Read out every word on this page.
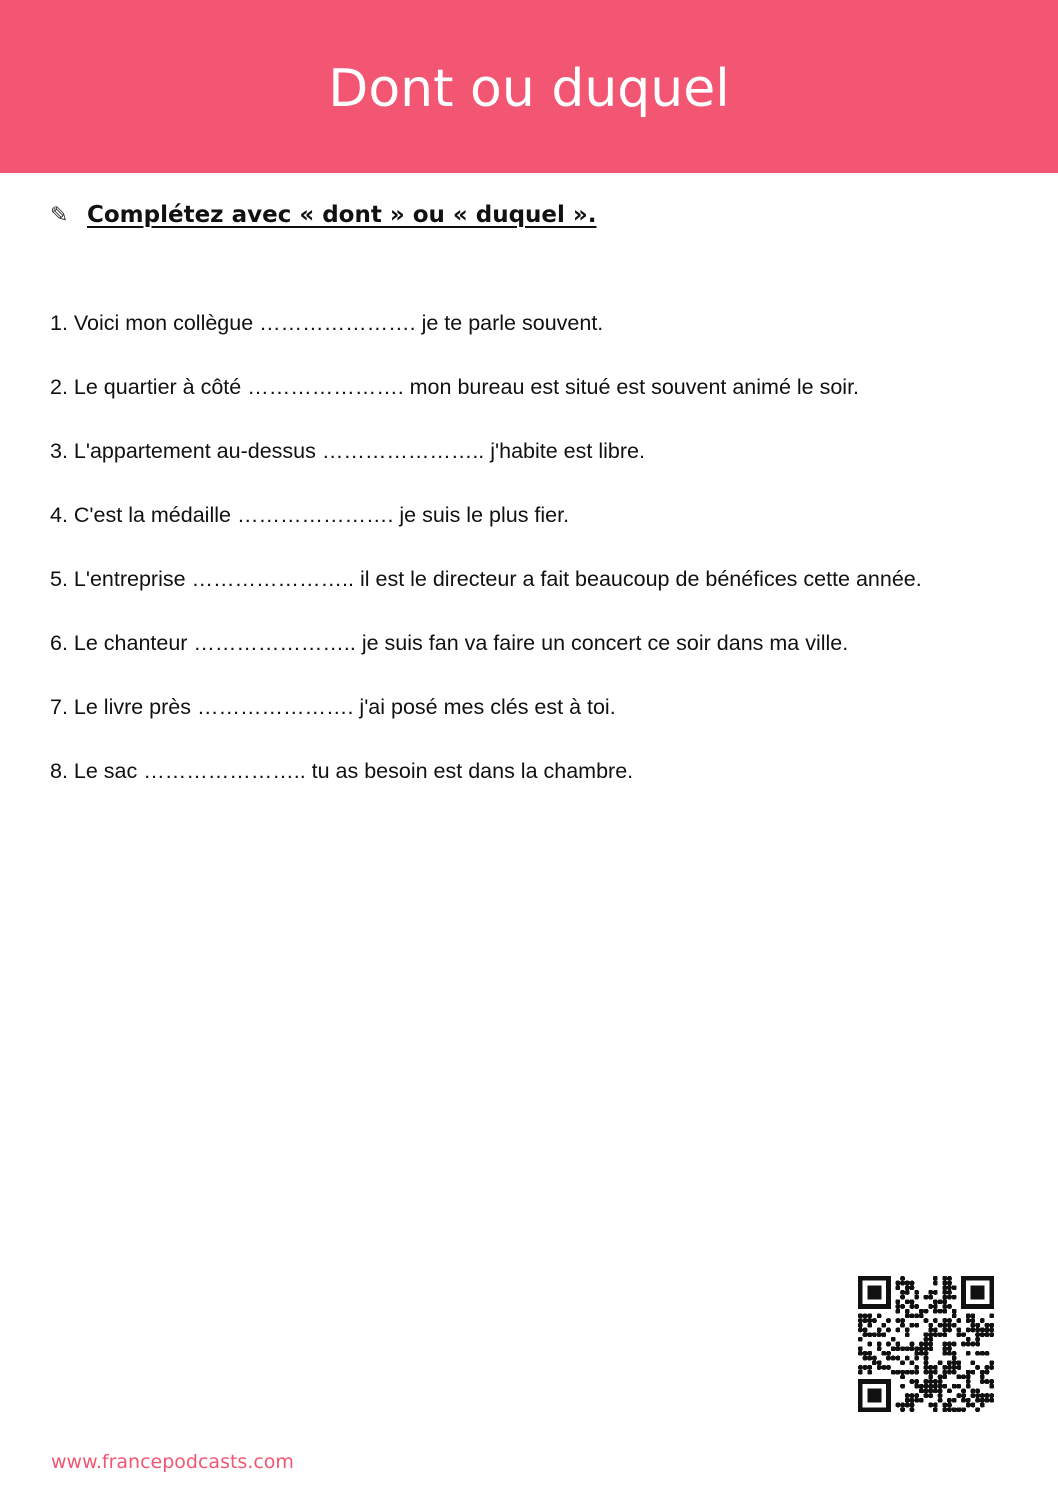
Dont ou duquel
✎ Complétez avec « dont » ou « duquel ».
1. Voici mon collègue …………………. je te parle souvent.
2. Le quartier à côté …………………. mon bureau est situé est souvent animé le soir.
3. L'appartement au-dessus ………………….. j'habite est libre.
4. C'est la médaille …………………. je suis le plus fier.
5. L'entreprise ………………….. il est le directeur a fait beaucoup de bénéfices cette année.
6. Le chanteur ………………….. je suis fan va faire un concert ce soir dans ma ville.
7. Le livre près …………………. j'ai posé mes clés est à toi.
8. Le sac ………………….. tu as besoin est dans la chambre.
www.francepodcasts.com
